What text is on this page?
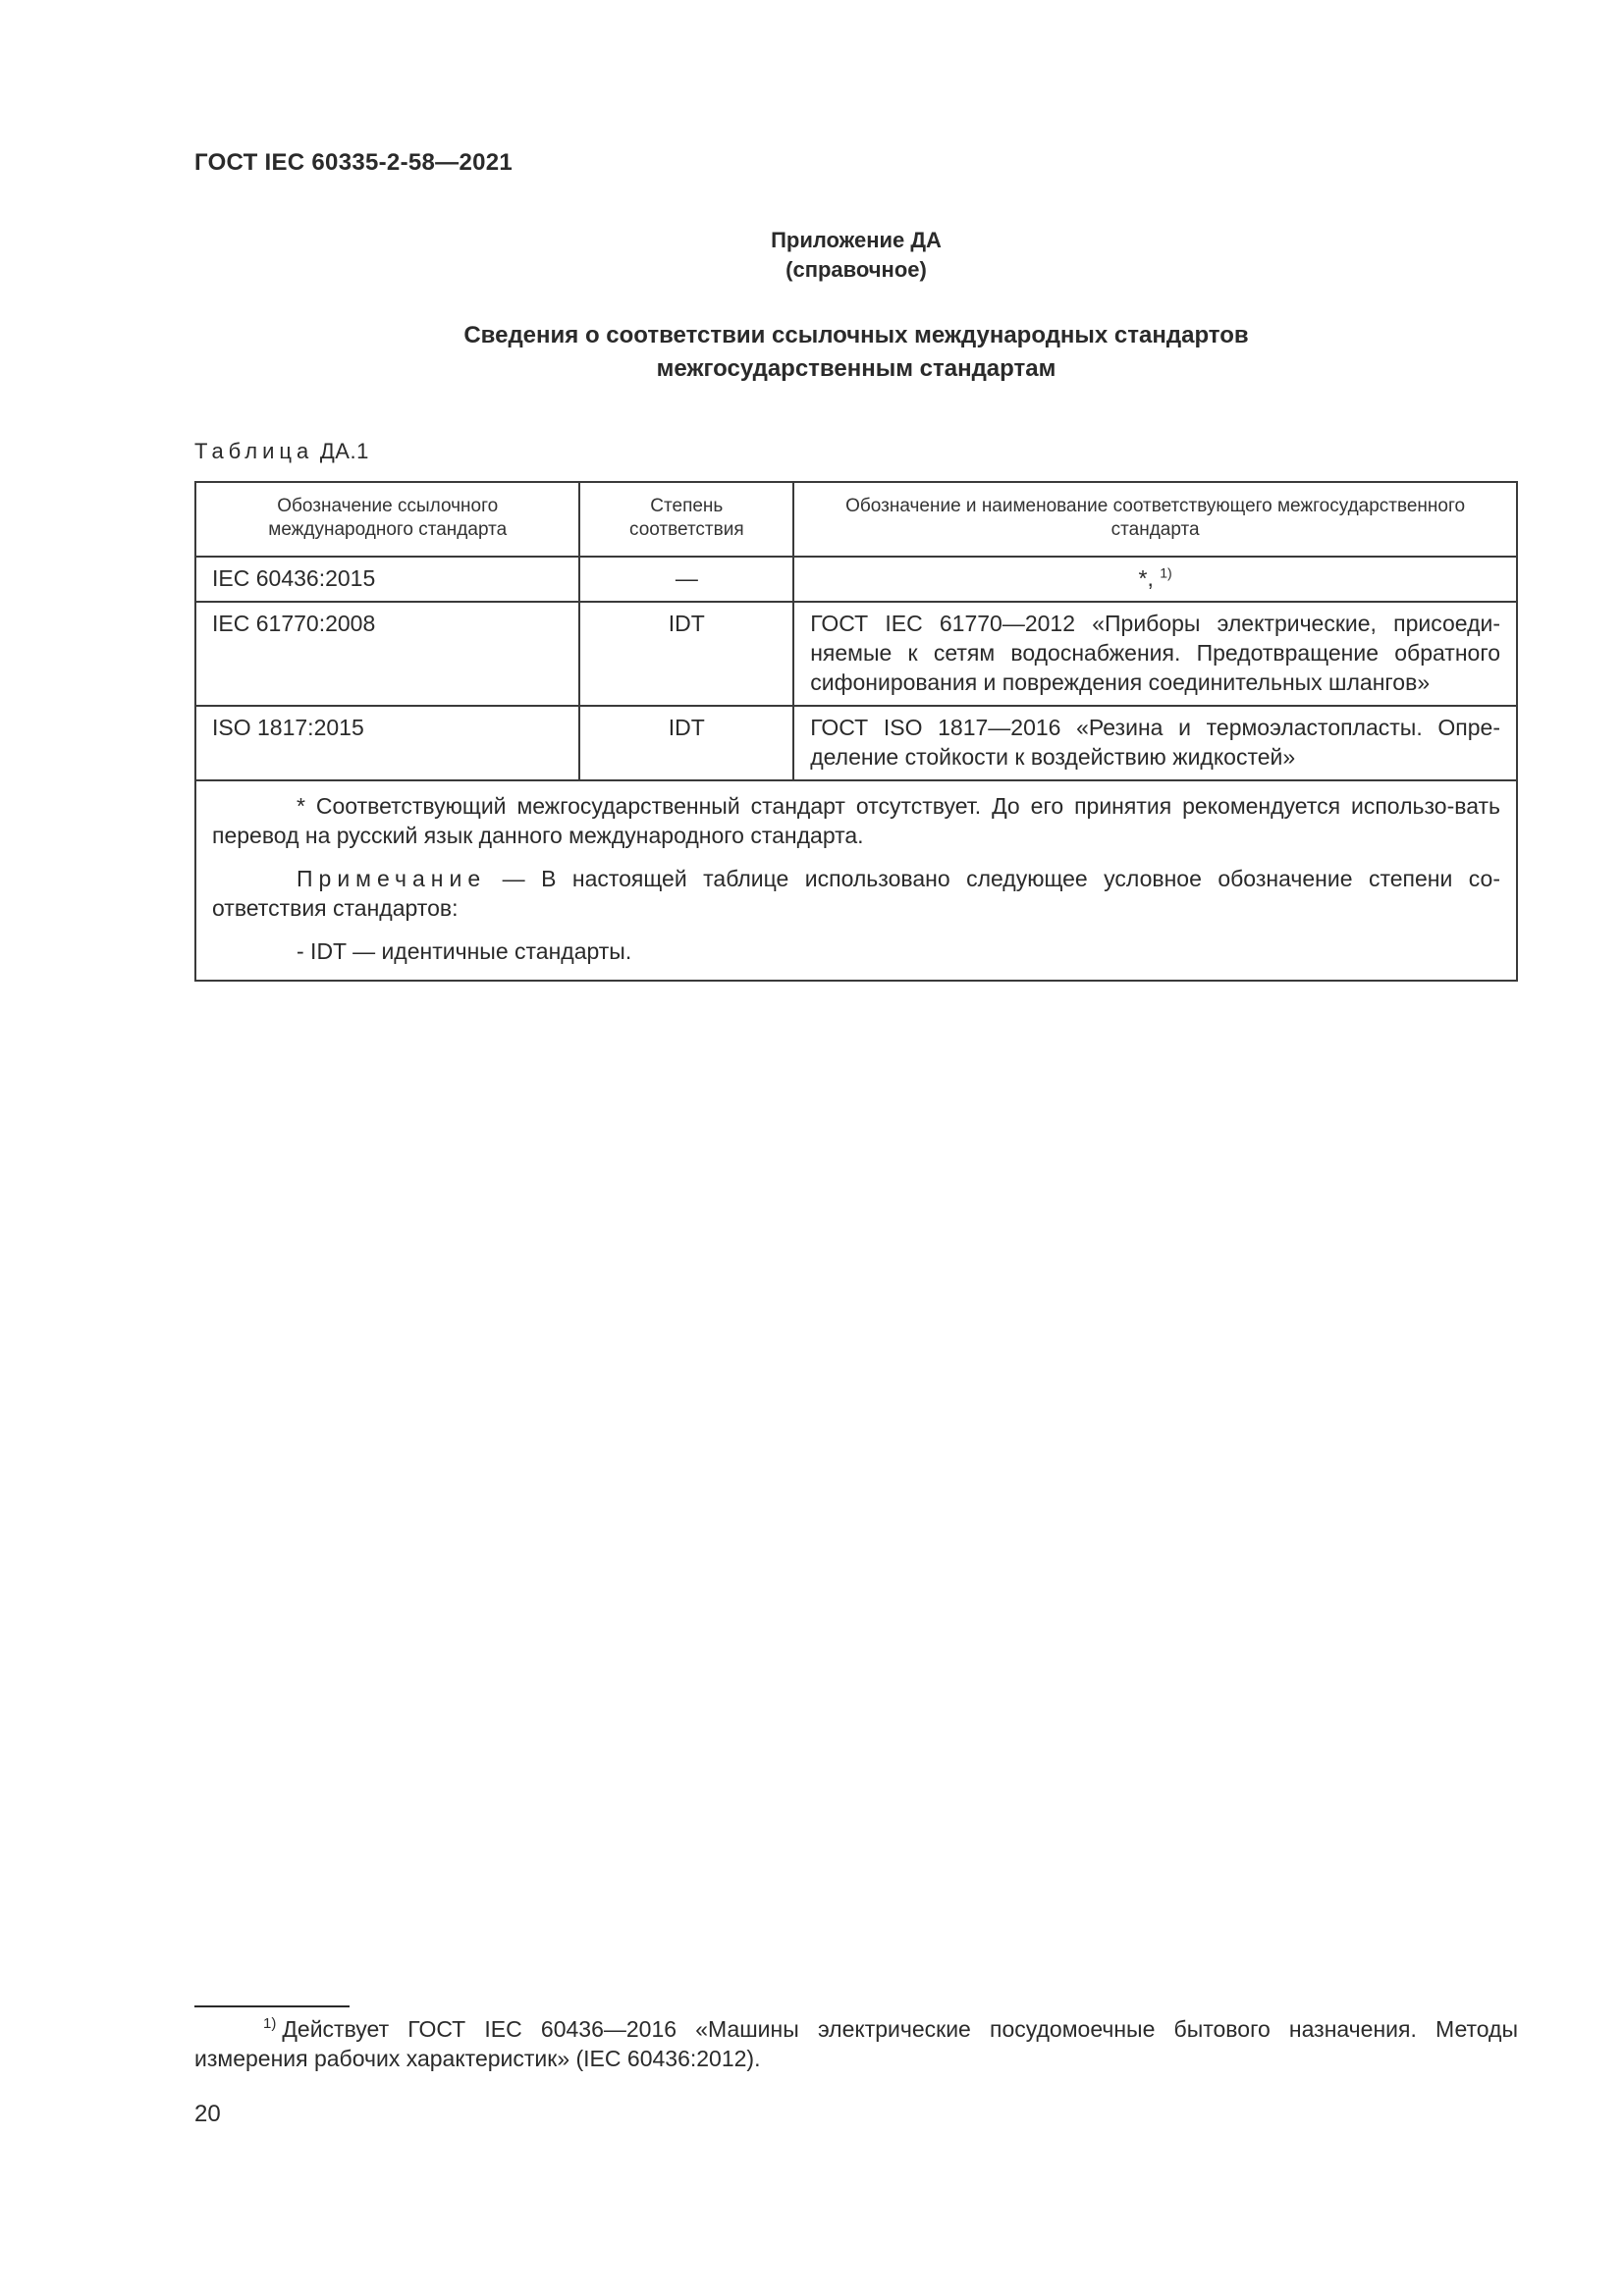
ГОСТ IEC 60335-2-58—2021
Приложение ДА
(справочное)
Сведения о соответствии ссылочных международных стандартов
межгосударственным стандартам
Таблица ДА.1
Обозначение ссылочного международного стандарта	Степень соответствия	Обозначение и наименование соответствующего межгосударственного стандарта
IEC 60436:2015	—	*, $^{1)}$
IEC 61770:2008	IDT	ГОСТ IEC 61770—2012 «Приборы электрические, присоеди-няемые к сетям водоснабжения. Предотвращение обратного сифонирования и повреждения соединительных шлангов»
ISO 1817:2015	IDT	ГОСТ ISO 1817—2016 «Резина и термоэластопласты. Опре-деление стойкости к воздействию жидкостей»

* Соответствующий межгосударственный стандарт отсутствует. До его принятия рекомендуется использо-вать перевод на русский язык данного международного стандарта.

Примечание — В настоящей таблице использовано следующее условное обозначение степени со-ответствия стандартов:

- IDT — идентичные стандарты.		

$^{1)}$ Действует ГОСТ IEC 60436—2016 «Машины электрические посудомоечные бытового назначения. Методы измерения рабочих характеристик» (IEC 60436:2012).
20
